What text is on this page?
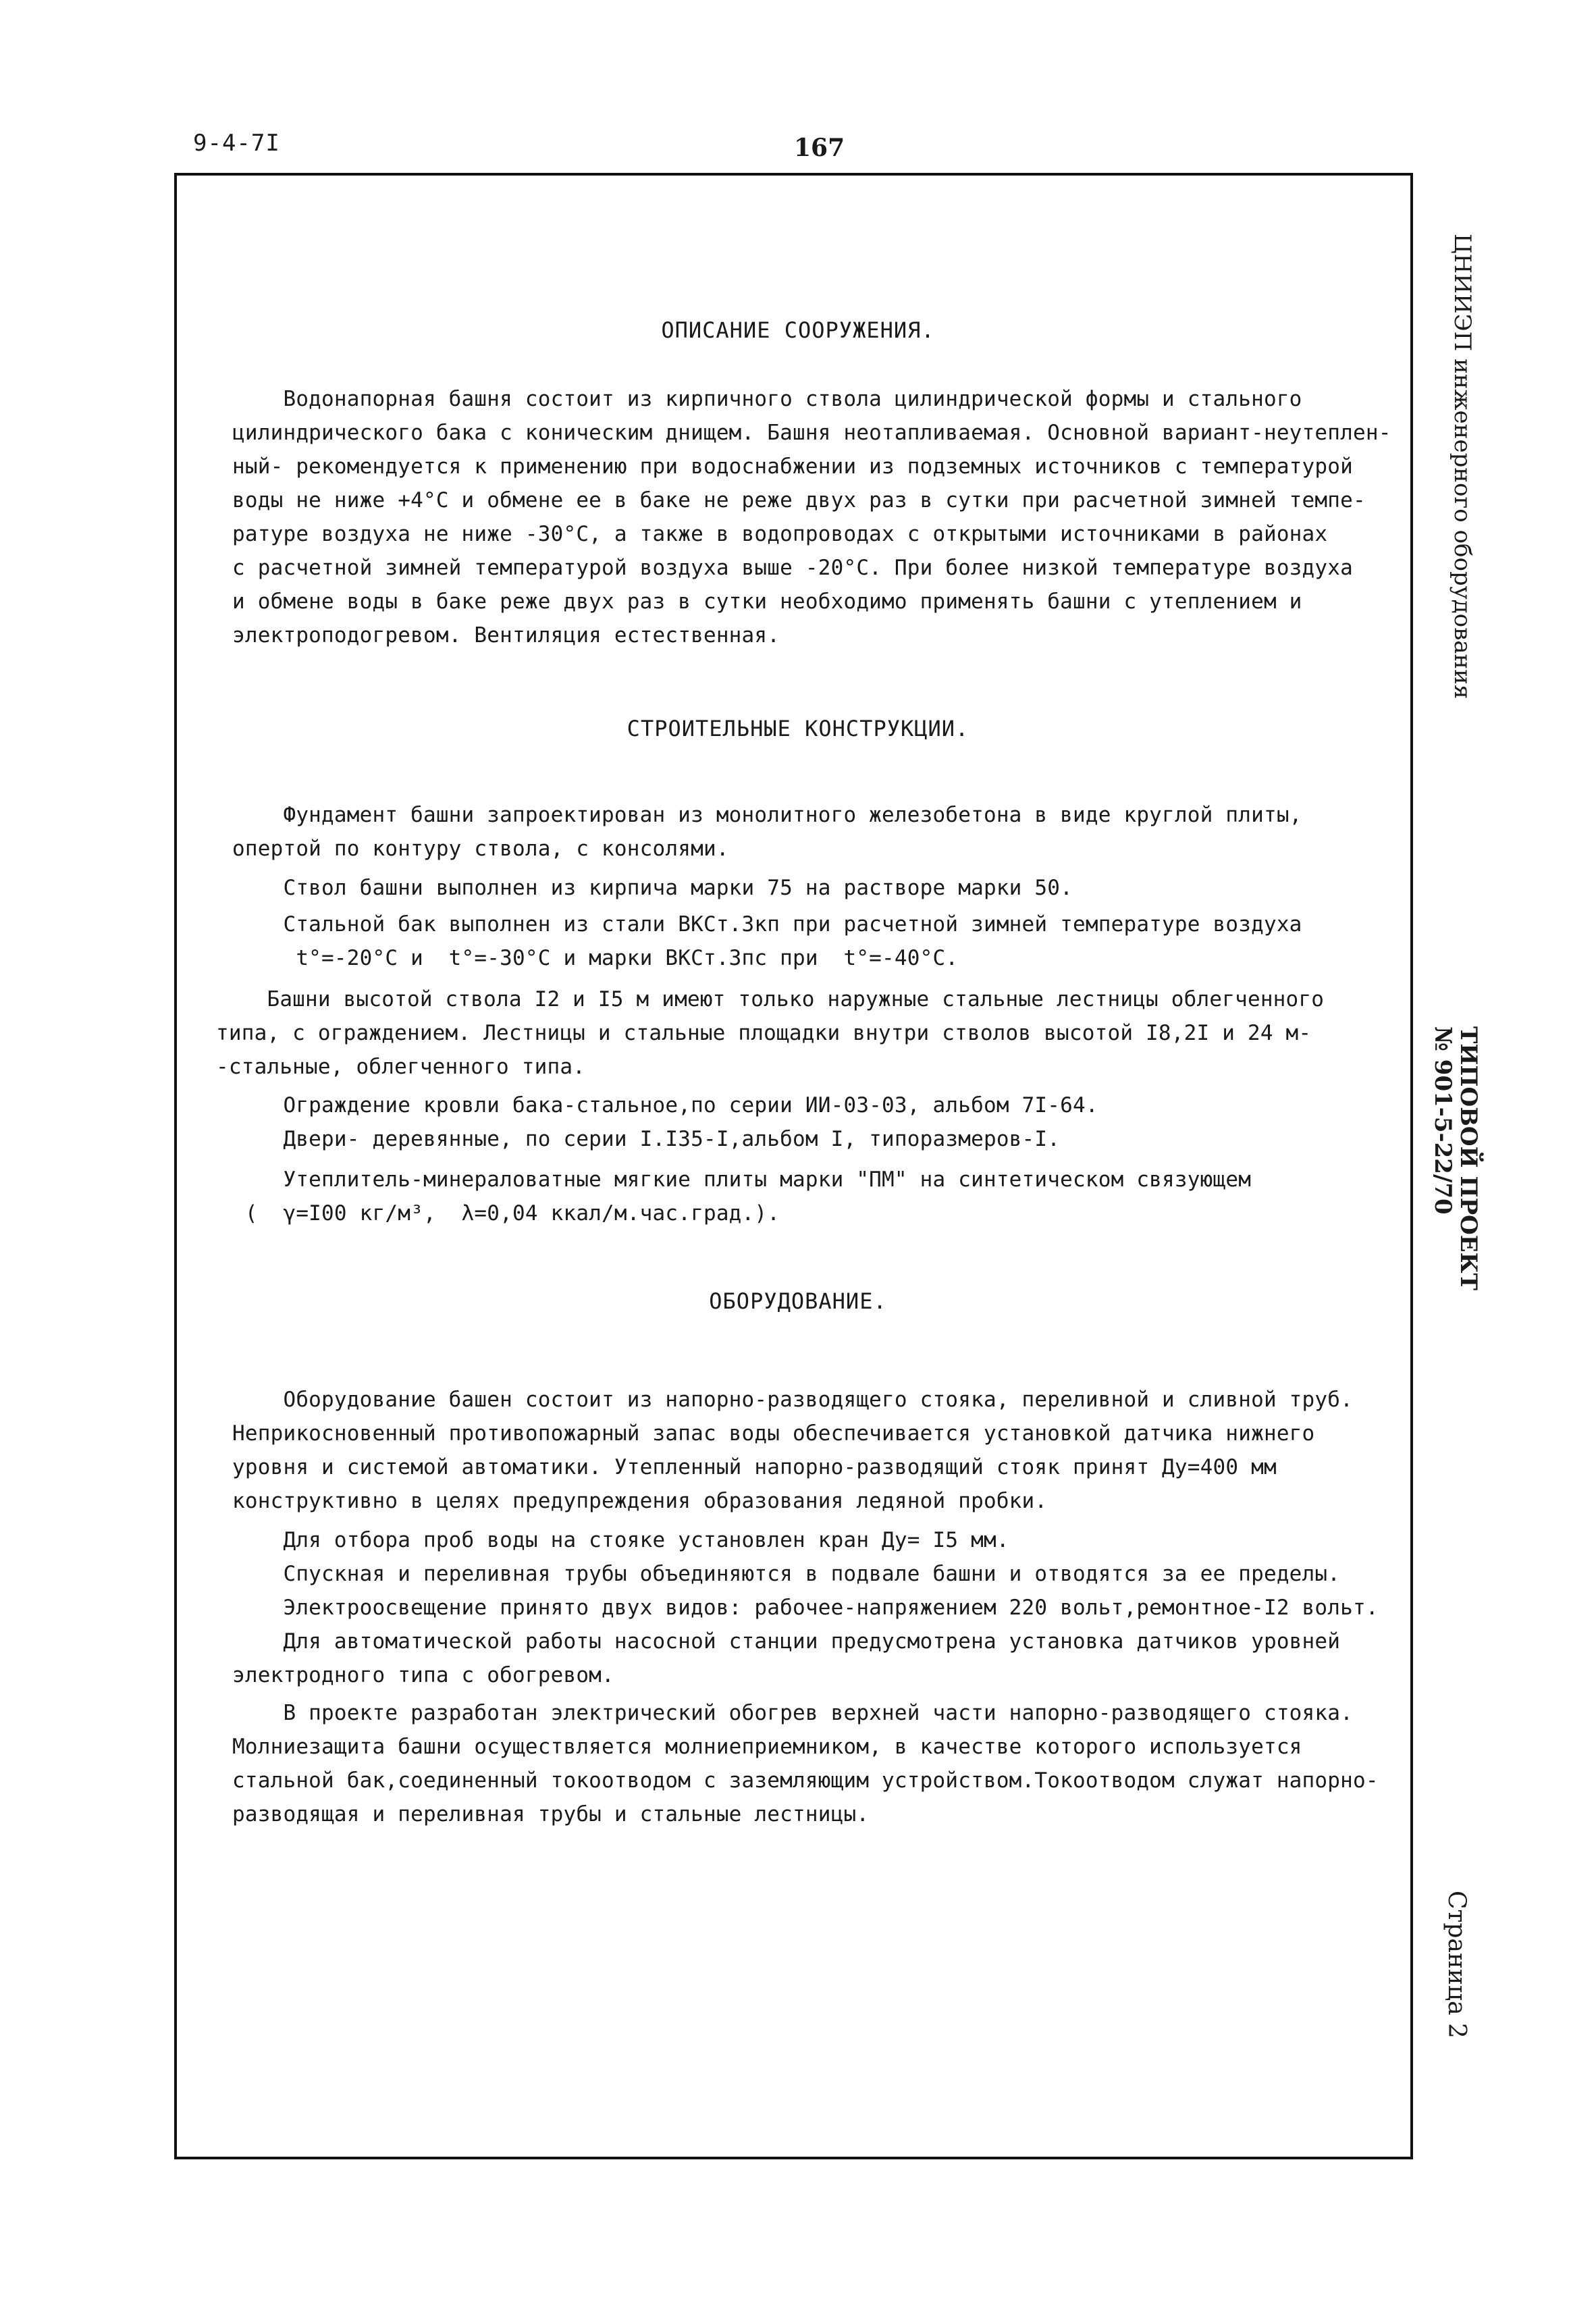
9-4-7I	167
ЦНИИЭП инженерного оборудования
ТИПОВОЙ ПРОЕКТ
№ 901-5-22/70
Страница 2
ОПИСАНИЕ СООРУЖЕНИЯ.
Водонапорная башня состоит из кирпичного ствола цилиндрической формы и стального
цилиндрического бака с коническим днищем. Башня неотапливаемая. Основной вариант-неутеплен-
ный- рекомендуется к применению при водоснабжении из подземных источников с температурой
воды не ниже +4°С и обмене ее в баке не реже двух раз в сутки при расчетной зимней темпе-
ратуре воздуха не ниже -30°С, а также в водопроводах с открытыми источниками в районах
с расчетной зимней температурой воздуха выше -20°С. При более низкой температуре воздуха
и обмене воды в баке реже двух раз в сутки необходимо применять башни с утеплением и
электроподогревом. Вентиляция естественная.
СТРОИТЕЛЬНЫЕ КОНСТРУКЦИИ.
Фундамент башни запроектирован из монолитного железобетона в виде круглой плиты,
опертой по контуру ствола, с консолями.
Ствол башни выполнен из кирпича марки 75 на растворе марки 50.
Стальной бак выполнен из стали ВКСт.3кп при расчетной зимней температуре воздуха
t°=-20°С и  t°=-30°С и марки ВКСт.3пс при  t°=-40°С.
Башни высотой ствола I2 и I5 м имеют только наружные стальные лестницы облегченного
типа, с ограждением. Лестницы и стальные площадки внутри стволов высотой I8,2I и 24 м-
-стальные, облегченного типа.
Ограждение кровли бака-стальное,по серии ИИ-03-03, альбом 7I-64.
Двери- деревянные, по серии I.I35-I,альбом I, типоразмеров-I.
Утеплитель-минераловатные мягкие плиты марки "ПМ" на синтетическом связующем
(  γ=I00 кг/м³,  λ=0,04 ккал/м.час.град.).
ОБОРУДОВАНИЕ.
Оборудование башен состоит из напорно-разводящего стояка, переливной и сливной труб.
Неприкосновенный противопожарный запас воды обеспечивается установкой датчика нижнего
уровня и системой автоматики. Утепленный напорно-разводящий стояк принят Ду=400 мм
конструктивно в целях предупреждения образования ледяной пробки.
Для отбора проб воды на стояке установлен кран Ду= I5 мм.
Спускная и переливная трубы объединяются в подвале башни и отводятся за ее пределы.
Электроосвещение принято двух видов: рабочее-напряжением 220 вольт,ремонтное-I2 вольт.
Для автоматической работы насосной станции предусмотрена установка датчиков уровней
электродного типа с обогревом.
В проекте разработан электрический обогрев верхней части напорно-разводящего стояка.
Молниезащита башни осуществляется молниеприемником, в качестве которого используется
стальной бак,соединенный токоотводом с заземляющим устройством.Токоотводом служат напорно-
разводящая и переливная трубы и стальные лестницы.
